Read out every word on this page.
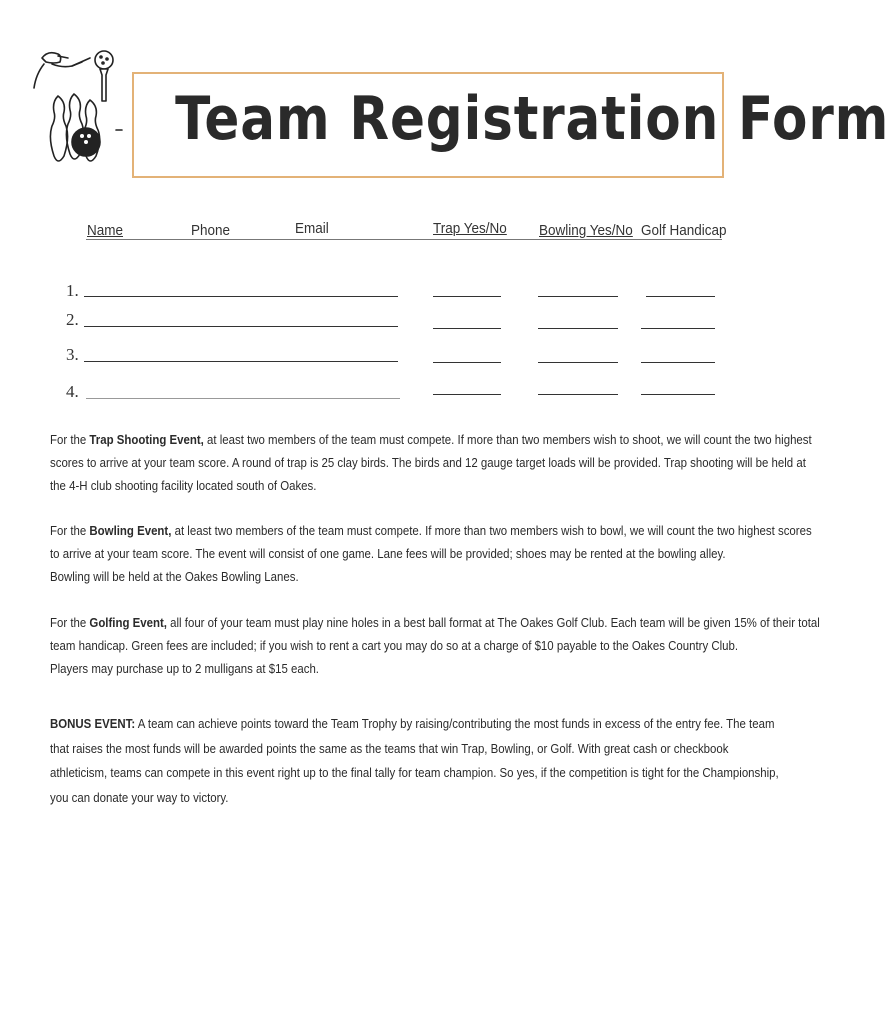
Team Registration Form
Name	Phone	Email	Trap Yes/No Bowling Yes/No Golf Handicap
1.
2.
3.
4.
For the Trap Shooting Event, at least two members of the team must compete. If more than two members wish to shoot, we will count the two highest
scores to arrive at your team score. A round of trap is 25 clay birds. The birds and 12 gauge target loads will be provided. Trap shooting will be held at
the 4-H club shooting facility located south of Oakes.
For the Bowling Event, at least two members of the team must compete. If more than two members wish to bowl, we will count the two highest scores
to arrive at your team score. The event will consist of one game. Lane fees will be provided; shoes may be rented at the bowling alley.
Bowling will be held at the Oakes Bowling Lanes.
For the Golfing Event, all four of your team must play nine holes in a best ball format at The Oakes Golf Club. Each team will be given 15% of their total
team handicap. Green fees are included; if you wish to rent a cart you may do so at a charge of $10 payable to the Oakes Country Club.
Players may purchase up to 2 mulligans at $15 each.
BONUS EVENT: A team can achieve points toward the Team Trophy by raising/contributing the most funds in excess of the entry fee. The team
that raises the most funds will be awarded points the same as the teams that win Trap, Bowling, or Golf. With great cash or checkbook
athleticism, teams can compete in this event right up to the final tally for team champion. So yes, if the competition is tight for the Championship,
you can donate your way to victory.
